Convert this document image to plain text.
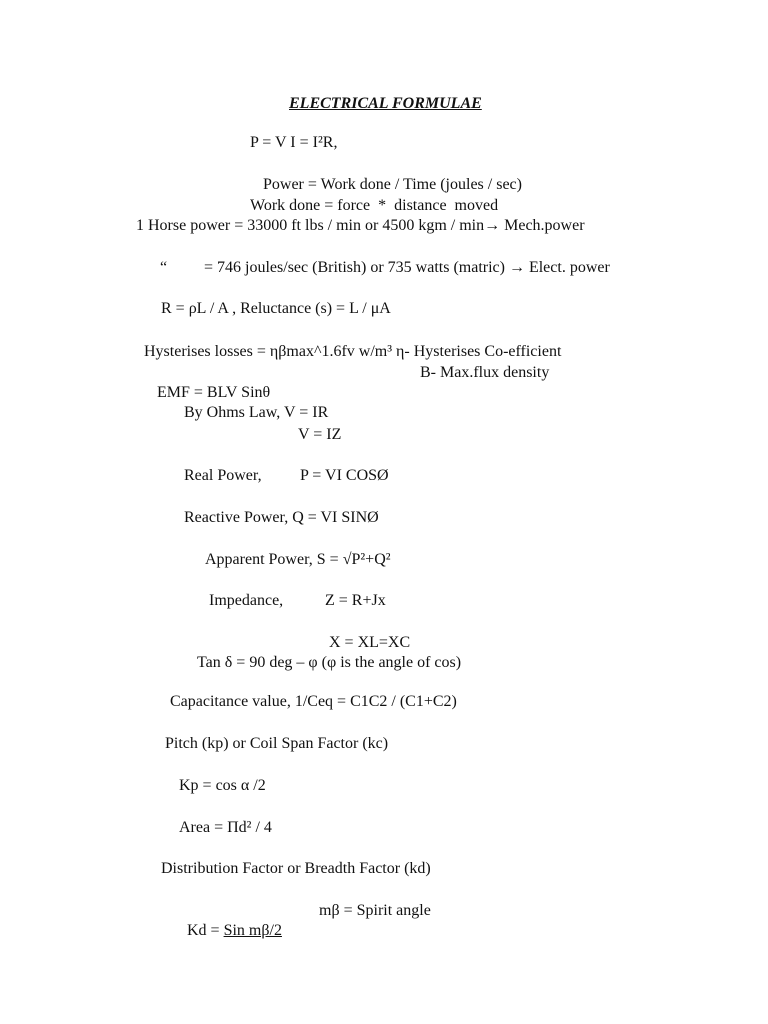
ELECTRICAL FORMULAE
P = V I = I²R,
Power = Work done / Time (joules / sec)
Work done = force  *  distance  moved
1 Horse power = 33000 ft lbs / min or 4500 kgm / min→ Mech.power
“ = 746 joules/sec (British) or 735 watts (matric) → Elect. power
R = ρL / A , Reluctance (s) = L / μA
Hysterises losses = ηβmax^1.6fv w/m³ η- Hysterises Co-efficient
B- Max.flux density
EMF = BLV Sinθ
By Ohms Law, V = IR
V = IZ
Real Power, P = VI COSØ
Reactive Power, Q = VI SINØ
Apparent Power, S = √P²+Q²
Impedance,	Z = R+Jx
X = XL=XC
Tan δ = 90 deg – φ (φ is the angle of cos)
Capacitance value, 1/Ceq = C1C2 / (C1+C2)
Pitch (kp) or Coil Span Factor (kc)
Kp = cos α /2
Area = Πd² / 4
Distribution Factor or Breadth Factor (kd)

Kd = Sin mβ/2

mβ = Spirit angle
